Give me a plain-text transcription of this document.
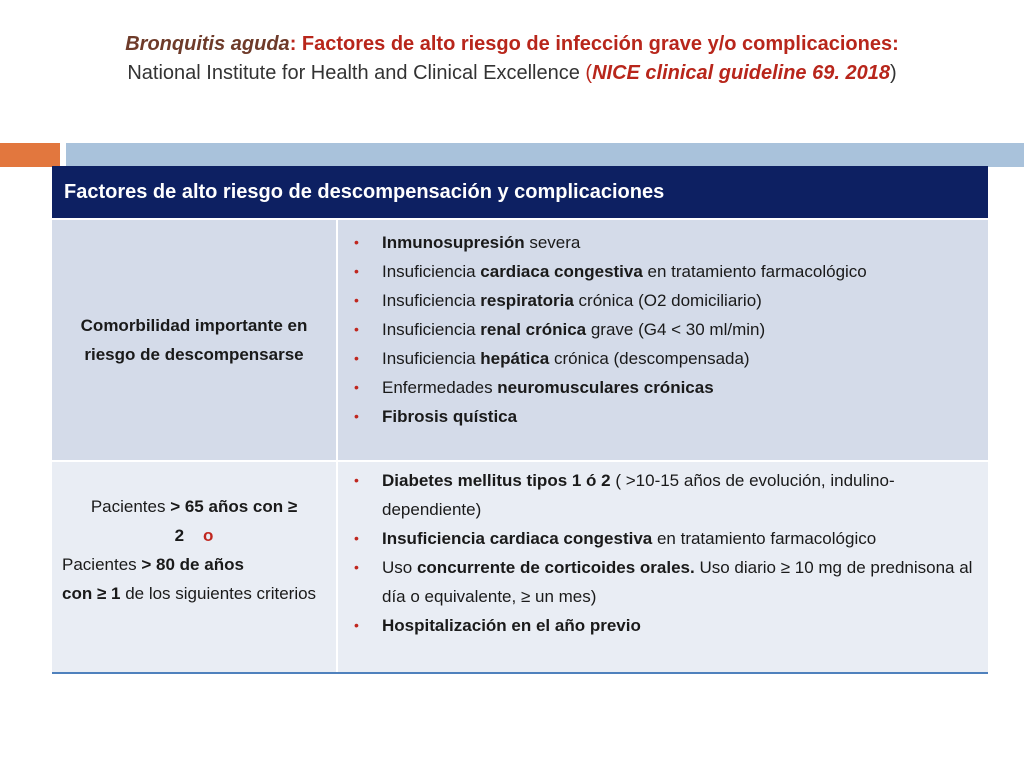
Bronquitis aguda: Factores de alto riesgo de infección grave y/o complicaciones:
National Institute for Health and Clinical Excellence (NICE clinical guideline 69. 2018)
Factores de alto riesgo de descompensación y complicaciones
Comorbilidad importante en riesgo de descompensarse
• Inmunosupresión severa
• Insuficiencia cardiaca congestiva en tratamiento farmacológico
• Insuficiencia respiratoria crónica (O2 domiciliario)
• Insuficiencia renal crónica grave (G4 < 30 ml/min)
• Insuficiencia hepática crónica (descompensada)
• Enfermedades neuromusculares crónicas
• Fibrosis quística
Pacientes > 65 años con ≥
2 o
Pacientes > 80 de años
con ≥ 1 de los siguientes criterios
• Diabetes mellitus tipos 1 ó 2 ( >10-15 años de evolución, indulino-dependiente)
• Insuficiencia cardiaca congestiva en tratamiento farmacológico
• Uso concurrente de corticoides orales. Uso diario ≥ 10 mg de prednisona al día o equivalente, ≥ un mes)
• Hospitalización en el año previo
